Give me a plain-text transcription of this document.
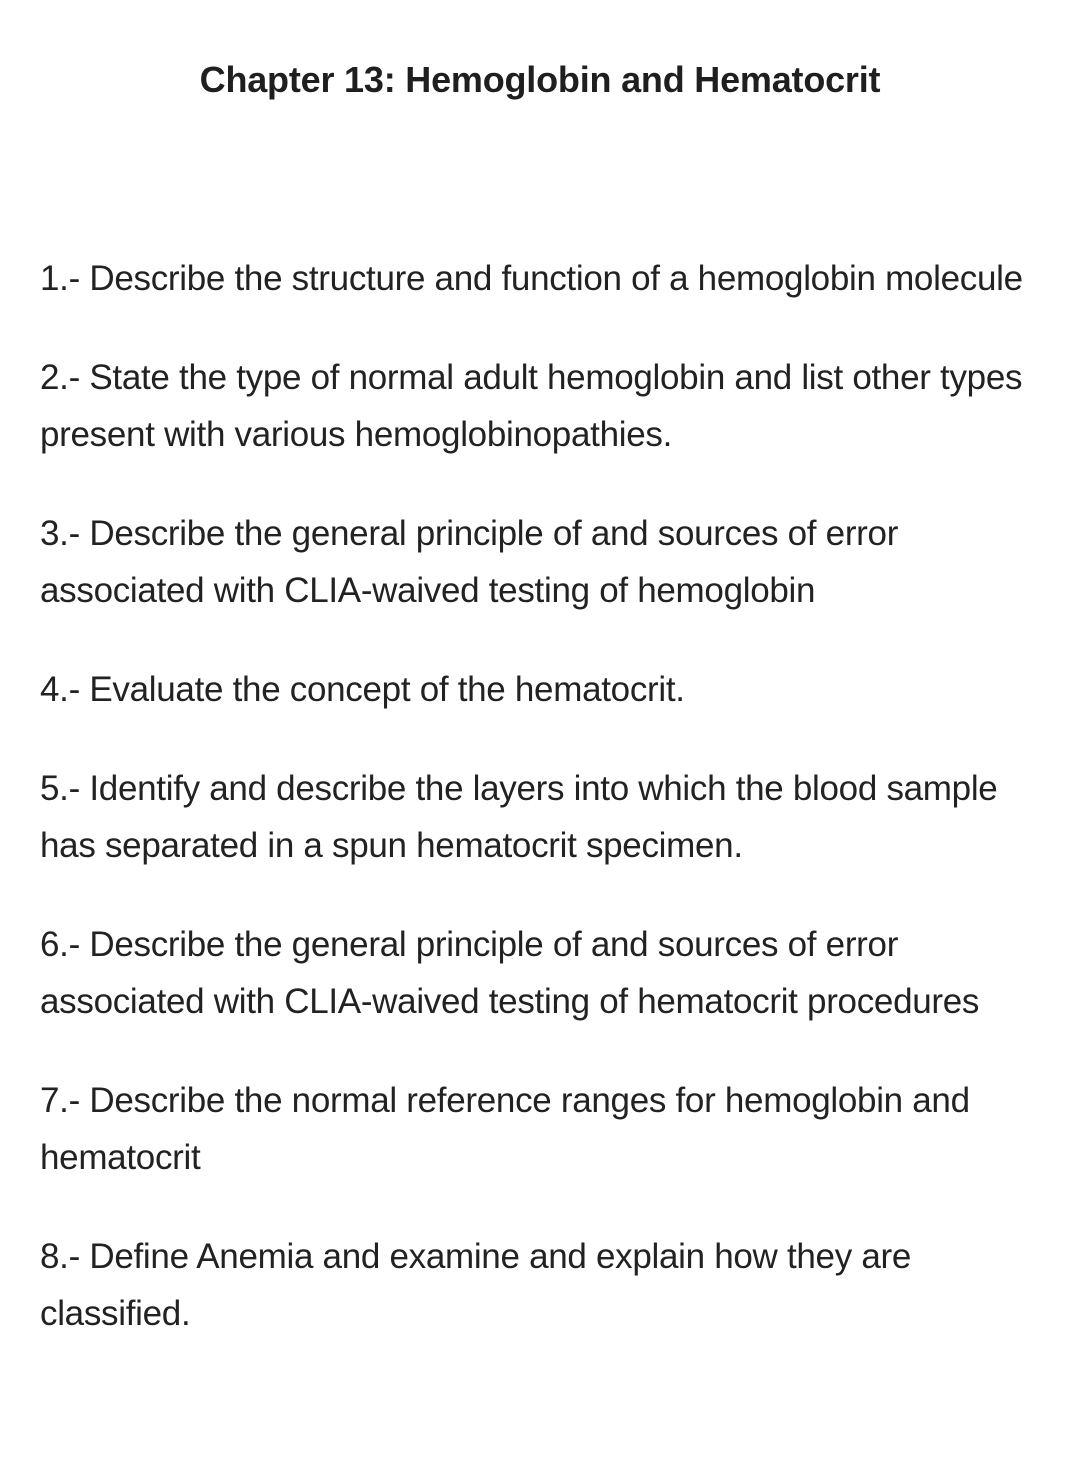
Chapter 13: Hemoglobin and Hematocrit
1.- Describe the structure and function of a hemoglobin molecule
2.- State the type of normal adult hemoglobin and list other types present with various hemoglobinopathies.
3.- Describe the general principle of and sources of error associated with CLIA-waived testing of hemoglobin
4.- Evaluate the concept of the hematocrit.
5.- Identify and describe the layers into which the blood sample has separated in a spun hematocrit specimen.
6.- Describe the general principle of and sources of error associated with CLIA-waived testing of hematocrit procedures
7.- Describe the normal reference ranges for hemoglobin and hematocrit
8.- Define Anemia and examine and explain how they are classified.
